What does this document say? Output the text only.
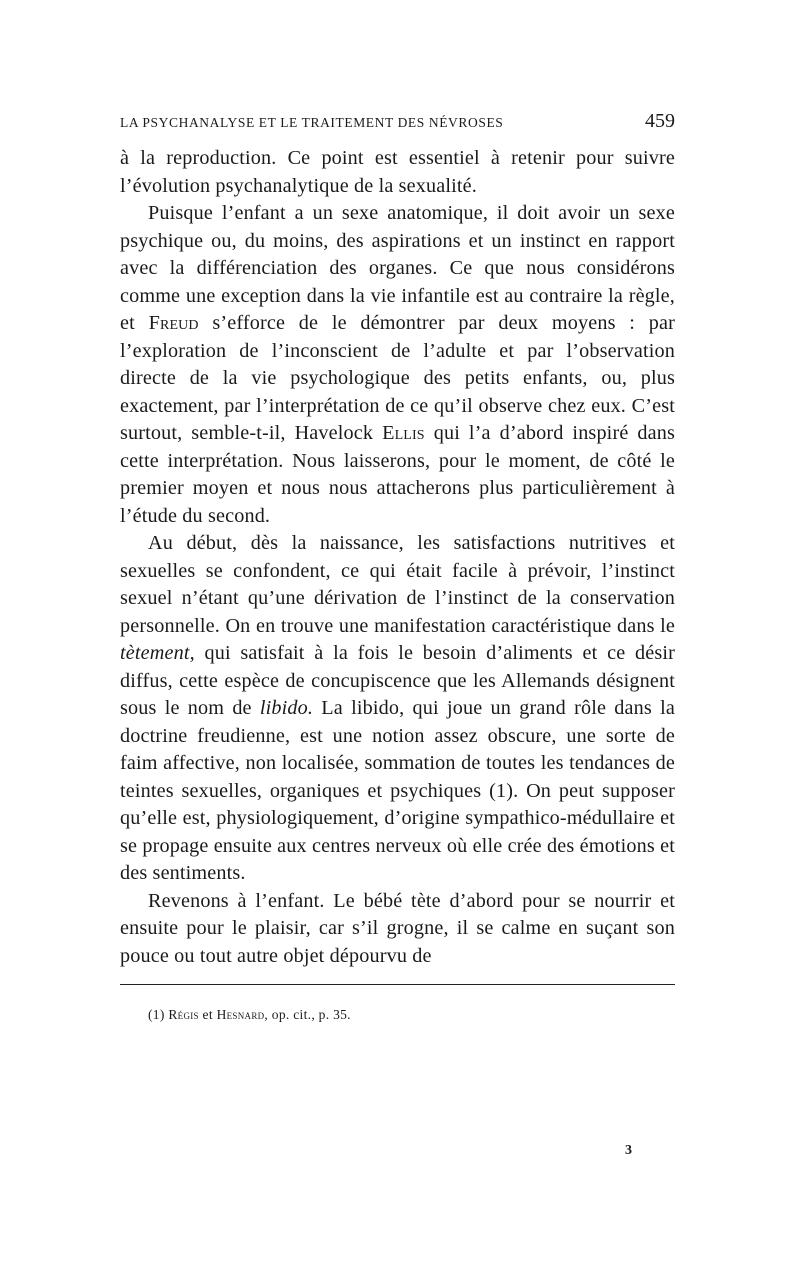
LA PSYCHANALYSE ET LE TRAITEMENT DES NÉVROSES	459

à la reproduction. Ce point est essentiel à retenir pour suivre l’évolution psychanalytique de la sexualité.

Puisque l’enfant a un sexe anatomique, il doit avoir un sexe psychique ou, du moins, des aspirations et un instinct en rapport avec la différenciation des organes. Ce que nous considérons comme une exception dans la vie infantile est au contraire la règle, et Freud s’efforce de le démontrer par deux moyens : par l’exploration de l’inconscient de l’adulte et par l’observation directe de la vie psychologique des petits enfants, ou, plus exactement, par l’interprétation de ce qu’il observe chez eux. C’est surtout, semble-t-il, Havelock Ellis qui l’a d’abord inspiré dans cette interprétation. Nous laisserons, pour le moment, de côté le premier moyen et nous nous attacherons plus particulièrement à l’étude du second.

Au début, dès la naissance, les satisfactions nutritives et sexuelles se confondent, ce qui était facile à prévoir, l’instinct sexuel n’étant qu’une dérivation de l’instinct de la conservation personnelle. On en trouve une manifestation caractéristique dans le tètement, qui satisfait à la fois le besoin d’aliments et ce désir diffus, cette espèce de concupiscence que les Allemands désignent sous le nom de libido. La libido, qui joue un grand rôle dans la doctrine freudienne, est une notion assez obscure, une sorte de faim affective, non localisée, sommation de toutes les tendances de teintes sexuelles, organiques et psychiques (1). On peut supposer qu’elle est, physiologiquement, d’origine sympathico-médullaire et se propage ensuite aux centres nerveux où elle crée des émotions et des sentiments.

Revenons à l’enfant. Le bébé tète d’abord pour se nourrir et ensuite pour le plaisir, car s’il grogne, il se calme en suçant son pouce ou tout autre objet dépourvu de

(1) Régis et Hesnard, op. cit., p. 35.
3
